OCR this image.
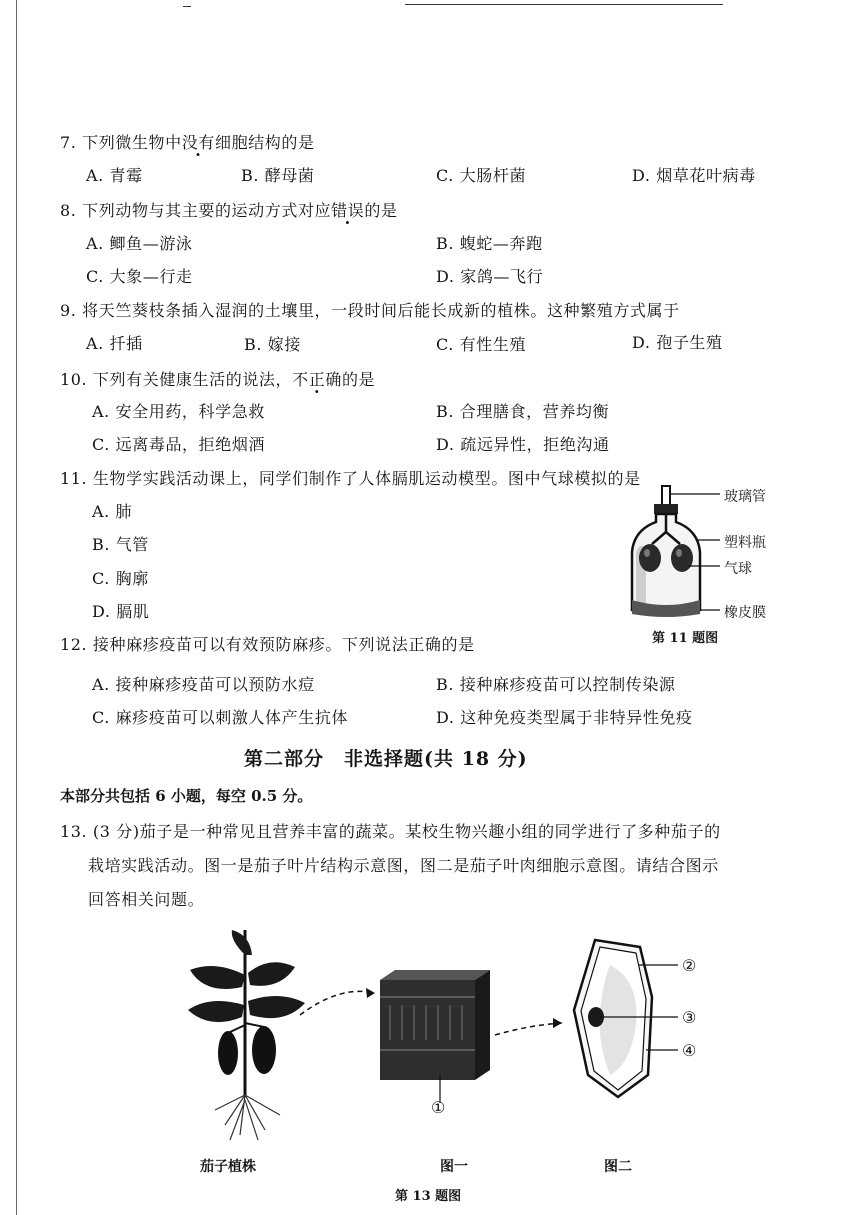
7. 下列微生物中没有细胞结构的是
A. 青霉	B. 酵母菌	C. 大肠杆菌	D. 烟草花叶病毒
8. 下列动物与其主要的运动方式对应错误的是
A. 鲫鱼—游泳	B. 蝮蛇—奔跑
C. 大象—行走	D. 家鸽—飞行
9. 将天竺葵枝条插入湿润的土壤里，一段时间后能长成新的植株。这种繁殖方式属于
A. 扦插	B. 嫁接	C. 有性生殖	D. 孢子生殖
10. 下列有关健康生活的说法，不正确的是
A. 安全用药，科学急救	B. 合理膳食，营养均衡
C. 远离毒品，拒绝烟酒	D. 疏远异性，拒绝沟通
11. 生物学实践活动课上，同学们制作了人体膈肌运动模型。图中气球模拟的是
A. 肺
B. 气管
C. 胸廓
D. 膈肌
玻璃管
塑料瓶
气球
橡皮膜
第 11 题图
12. 接种麻疹疫苗可以有效预防麻疹。下列说法正确的是
A. 接种麻疹疫苗可以预防水痘	B. 接种麻疹疫苗可以控制传染源
C. 麻疹疫苗可以刺激人体产生抗体	D. 这种免疫类型属于非特异性免疫
第二部分　非选择题(共 18 分)
本部分共包括 6 小题，每空 0.5 分。
13. (3 分)茄子是一种常见且营养丰富的蔬菜。某校生物兴趣小组的同学进行了多种茄子的
栽培实践活动。图一是茄子叶片结构示意图，图二是茄子叶肉细胞示意图。请结合图示
回答相关问题。
①
②
③
④
茄子植株	图一	图二
第 13 题图
